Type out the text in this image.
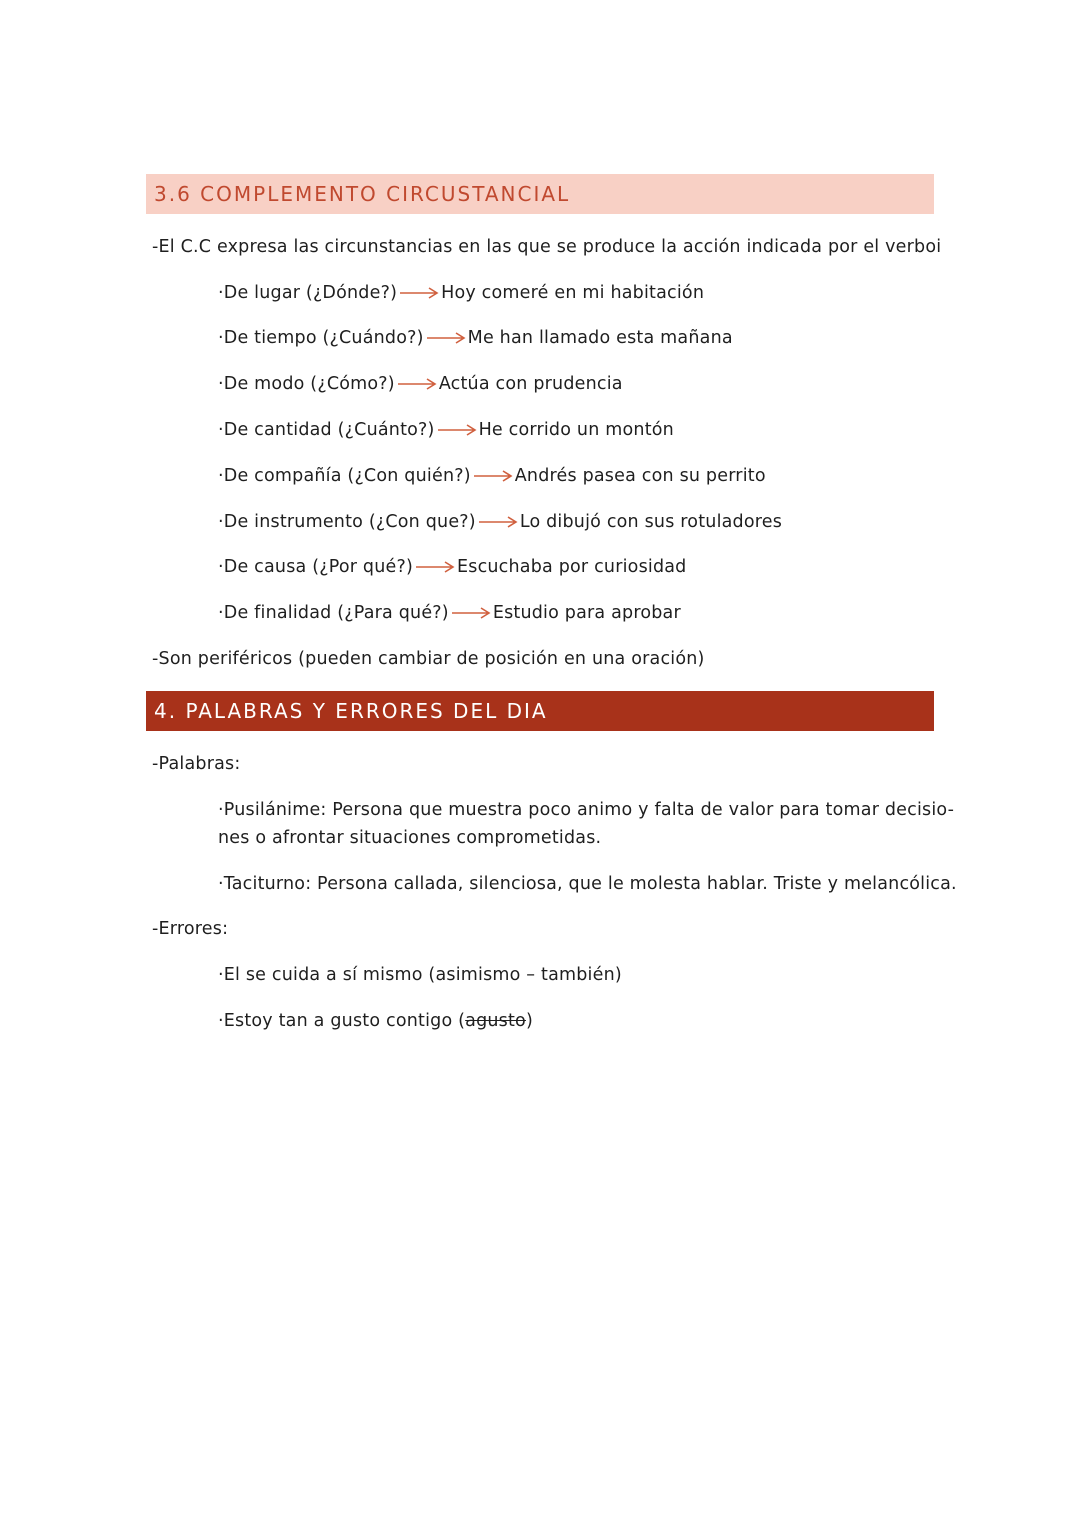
3.6 COMPLEMENTO CIRCUSTANCIAL
-El C.C expresa las circunstancias en las que se produce la acción indicada por el verboi
·De lugar (¿Dónde?)	Hoy comeré en mi habitación
·De tiempo (¿Cuándo?)	Me han llamado esta mañana
·De modo (¿Cómo?)	Actúa con prudencia
·De cantidad (¿Cuánto?)	He corrido un montón
·De compañía (¿Con quién?)	Andrés pasea con su perrito
·De instrumento (¿Con que?)	Lo dibujó con sus rotuladores
·De causa (¿Por qué?)	Escuchaba por curiosidad
·De finalidad (¿Para qué?)	Estudio para aprobar
-Son periféricos (pueden cambiar de posición en una oración)
4. PALABRAS Y ERRORES DEL DIA
-Palabras:
·Pusilánime: Persona que muestra poco animo y falta de valor para tomar decisio-
nes o afrontar situaciones comprometidas.
·Taciturno: Persona callada, silenciosa, que le molesta hablar. Triste y melancólica.
-Errores:
·El se cuida a sí mismo (asimismo – también)
·Estoy tan a gusto contigo (agusto)
